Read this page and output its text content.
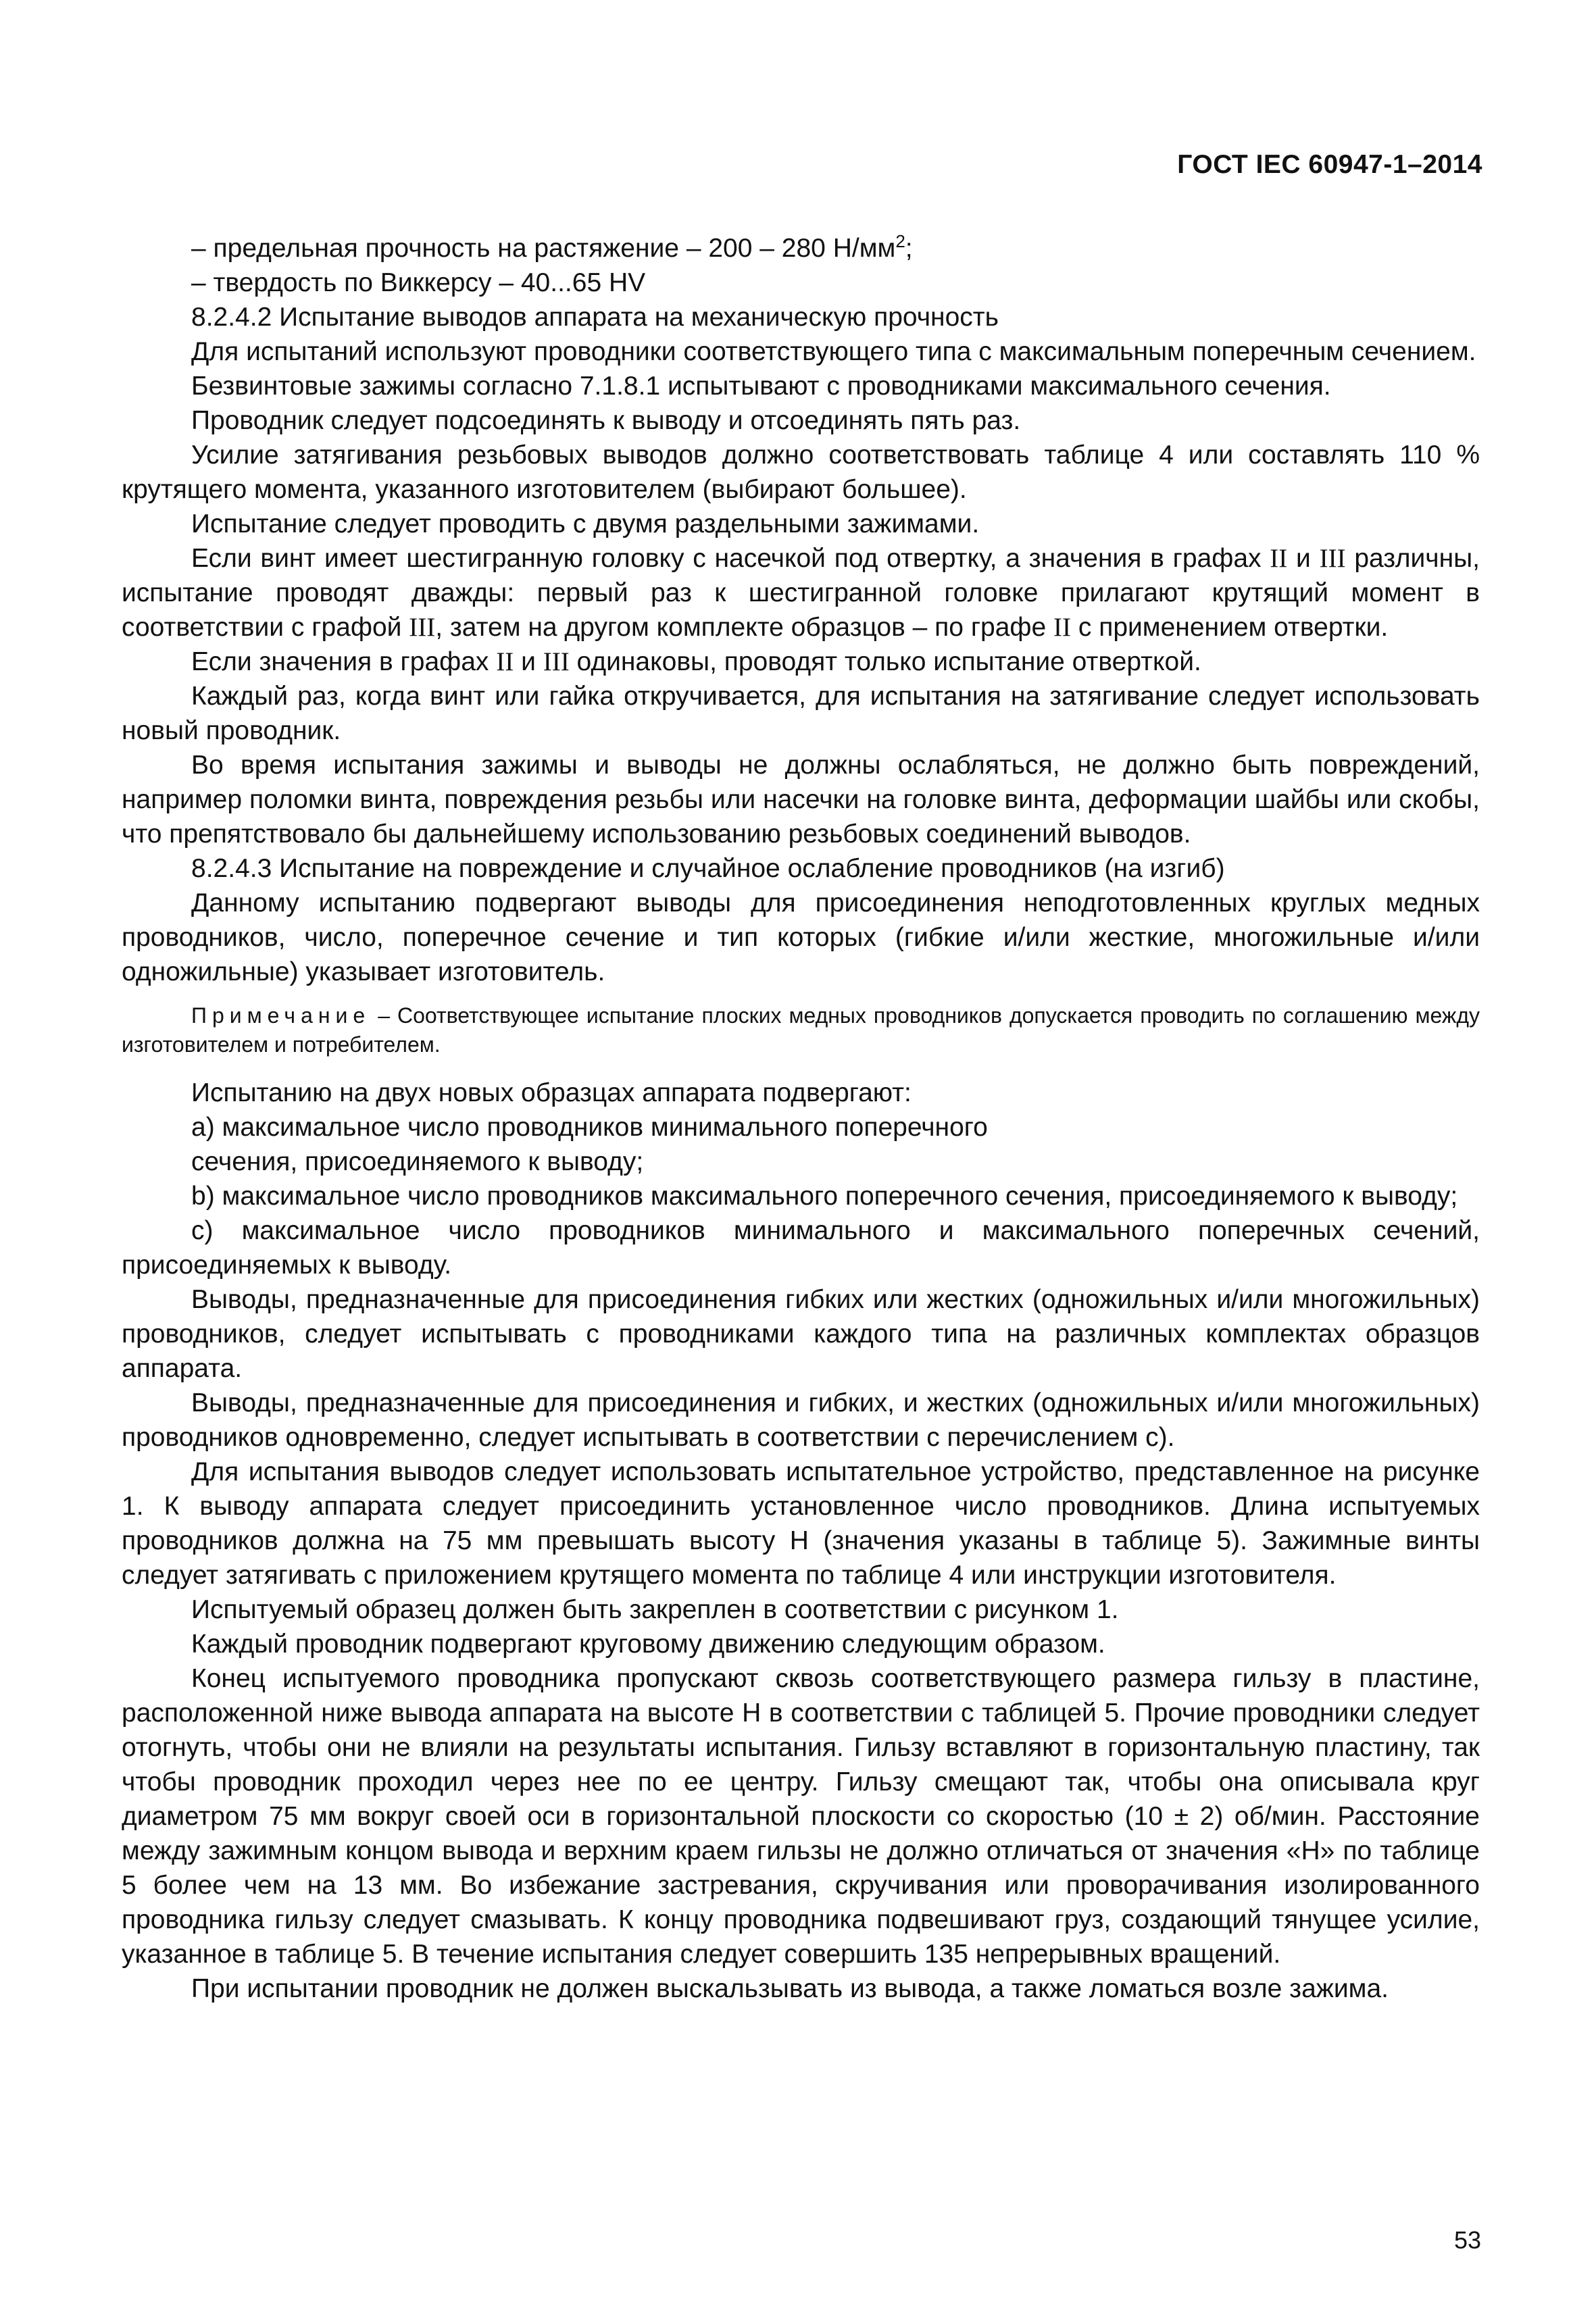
ГОСТ IEC 60947-1–2014

– предельная прочность на растяжение – 200 – 280 $Н/мм^2$;

– твердость по Виккерсу – 40...65 HV

8.2.4.2 Испытание выводов аппарата на механическую прочность

Для испытаний используют проводники соответствующего типа с максимальным поперечным сечением.

Безвинтовые зажимы согласно 7.1.8.1 испытывают с проводниками максимального сечения.

Проводник следует подсоединять к выводу и отсоединять пять раз.

Усилие затягивания резьбовых выводов должно соответствовать таблице 4 или составлять 110 % крутящего момента, указанного изготовителем (выбирают большее).

Испытание следует проводить с двумя раздельными зажимами.

Если винт имеет шестигранную головку с насечкой под отвертку, а значения в графах II и III различны, испытание проводят дважды: первый раз к шестигранной головке прилагают крутящий момент в соответствии с графой III, затем на другом комплекте образцов – по графе II с применением отвертки.

Если значения в графах II и III одинаковы, проводят только испытание отверткой.

Каждый раз, когда винт или гайка откручивается, для испытания на затягивание следует использовать новый проводник.

Во время испытания зажимы и выводы не должны ослабляться, не должно быть повреждений, например поломки винта, повреждения резьбы или насечки на головке винта, деформации шайбы или скобы, что препятствовало бы дальнейшему использованию резьбовых соединений выводов.

8.2.4.3 Испытание на повреждение и случайное ослабление проводников (на изгиб)

Данному испытанию подвергают выводы для присоединения неподготовленных круглых медных проводников, число, поперечное сечение и тип которых (гибкие и/или жесткие, многожильные и/или одножильные) указывает изготовитель.

Примечание – Соответствующее испытание плоских медных проводников допускается проводить по соглашению между изготовителем и потребителем.

Испытанию на двух новых образцах аппарата подвергают:

a) максимальное число проводников минимального поперечного

сечения, присоединяемого к выводу;

b) максимальное число проводников максимального поперечного сечения, присоединяемого к выводу;

c) максимальное число проводников минимального и максимального поперечных сечений, присоединяемых к выводу.

Выводы, предназначенные для присоединения гибких или жестких (одножильных и/или многожильных) проводников, следует испытывать с проводниками каждого типа на различных комплектах образцов аппарата.

Выводы, предназначенные для присоединения и гибких, и жестких (одножильных и/или многожильных) проводников одновременно, следует испытывать в соответствии с перечислением c).

Для испытания выводов следует использовать испытательное устройство, представленное на рисунке 1. К выводу аппарата следует присоединить установленное число проводников. Длина испытуемых проводников должна на 75 мм превышать высоту H (значения указаны в таблице 5). Зажимные винты следует затягивать с приложением крутящего момента по таблице 4 или инструкции изготовителя.

Испытуемый образец должен быть закреплен в соответствии с рисунком 1.

Каждый проводник подвергают круговому движению следующим образом.

Конец испытуемого проводника пропускают сквозь соответствующего размера гильзу в пластине, расположенной ниже вывода аппарата на высоте H в соответствии с таблицей 5. Прочие проводники следует отогнуть, чтобы они не влияли на результаты испытания. Гильзу вставляют в горизонтальную пластину, так чтобы проводник проходил через нее по ее центру. Гильзу смещают так, чтобы она описывала круг диаметром 75 мм вокруг своей оси в горизонтальной плоскости со скоростью (10 ± 2) об/мин. Расстояние между зажимным концом вывода и верхним краем гильзы не должно отличаться от значения «H» по таблице 5 более чем на 13 мм. Во избежание застревания, скручивания или проворачивания изолированного проводника гильзу следует смазывать. К концу проводника подвешивают груз, создающий тянущее усилие, указанное в таблице 5. В течение испытания следует совершить 135 непрерывных вращений.

При испытании проводник не должен выскальзывать из вывода, а также ломаться возле зажима.

53
